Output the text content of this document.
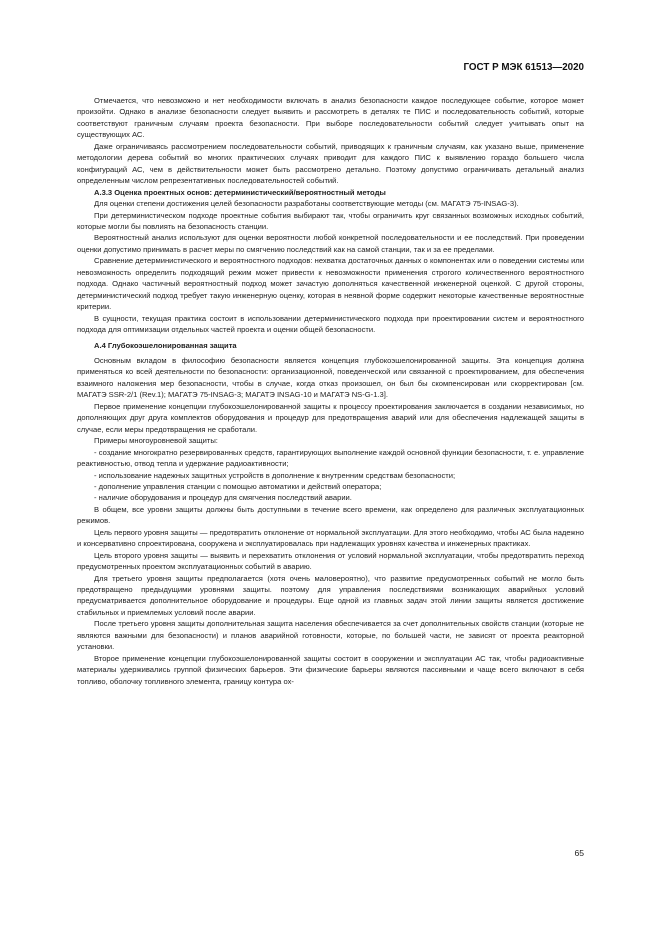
ГОСТ Р МЭК 61513—2020

Отмечается, что невозможно и нет необходимости включать в анализ безопасности каждое последующее событие, которое может произойти. Однако в анализе безопасности следует выявить и рассмотреть в деталях те ПИС и последовательность событий, которые соответствуют граничным случаям проекта безопасности. При выборе последовательности событий следует учитывать опыт на существующих АС.

Даже ограничиваясь рассмотрением последовательности событий, приводящих к граничным случаям, как указано выше, применение методологии дерева событий во многих практических случаях приводит для каждого ПИС к выявлению гораздо большего числа конфигураций АС, чем в действительности может быть рассмотрено детально. Поэтому допустимо ограничивать детальный анализ определенным числом репрезентативных последовательностей событий.

А.3.3 Оценка проектных основ: детерминистический/вероятностный методы

Для оценки степени достижения целей безопасности разработаны соответствующие методы (см. МАГАТЭ 75-INSAG-3).

При детерминистическом подходе проектные события выбирают так, чтобы ограничить круг связанных возможных исходных событий, которые могли бы повлиять на безопасность станции.

Вероятностный анализ используют для оценки вероятности любой конкретной последовательности и ее последствий. При проведении оценки допустимо принимать в расчет меры по смягчению последствий как на самой станции, так и за ее пределами.

Сравнение детерминистического и вероятностного подходов: нехватка достаточных данных о компонентах или о поведении системы или невозможность определить подходящий режим может привести к невозможности применения строгого количественного вероятностного подхода. Однако частичный вероятностный подход может зачастую дополняться качественной инженерной оценкой. С другой стороны, детерминистический подход требует такую инженерную оценку, которая в неявной форме содержит некоторые качественные вероятностные критерии.

В сущности, текущая практика состоит в использовании детерминистического подхода при проектировании систем и вероятностного подхода для оптимизации отдельных частей проекта и оценки общей безопасности.

А.4 Глубокоэшелонированная защита

Основным вкладом в философию безопасности является концепция глубокоэшелонированной защиты. Эта концепция должна применяться ко всей деятельности по безопасности: организационной, поведенческой или связанной с проектированием, для обеспечения взаимного наложения мер безопасности, чтобы в случае, когда отказ произошел, он был бы скомпенсирован или скорректирован [см. МАГАТЭ SSR-2/1 (Rev.1); МАГАТЭ 75-INSAG-3; МАГАТЭ INSAG-10 и МАГАТЭ NS-G-1.3].

Первое применение концепции глубокоэшелонированной защиты к процессу проектирования заключается в создании независимых, но дополняющих друг друга комплектов оборудования и процедур для предотвращения аварий или для обеспечения надлежащей защиты в случае, если меры предотвращения не сработали.

Примеры многоуровневой защиты:

- создание многократно резервированных средств, гарантирующих выполнение каждой основной функции безопасности, т. е. управление реактивностью, отвод тепла и удержание радиоактивности;

- использование надежных защитных устройств в дополнение к внутренним средствам безопасности;

- дополнение управления станции с помощью автоматики и действий оператора;

- наличие оборудования и процедур для смягчения последствий аварии.

В общем, все уровни защиты должны быть доступными в течение всего времени, как определено для различных эксплуатационных режимов.

Цель первого уровня защиты — предотвратить отклонение от нормальной эксплуатации. Для этого необходимо, чтобы АС была надежно и консервативно спроектирована, сооружена и эксплуатировалась при надлежащих уровнях качества и инженерных практиках.

Цель второго уровня защиты — выявить и перехватить отклонения от условий нормальной эксплуатации, чтобы предотвратить переход предусмотренных проектом эксплуатационных событий в аварию.

Для третьего уровня защиты предполагается (хотя очень маловероятно), что развитие предусмотренных событий не могло быть предотвращено предыдущими уровнями защиты. поэтому для управления последствиями возникающих аварийных условий предусматривается дополнительное оборудование и процедуры. Еще одной из главных задач этой линии защиты является достижение стабильных и приемлемых условий после аварии.

После третьего уровня защиты дополнительная защита населения обеспечивается за счет дополнительных свойств станции (которые не являются важными для безопасности) и планов аварийной готовности, которые, по большей части, не зависят от проекта реакторной установки.

Второе применение концепции глубокоэшелонированной защиты состоит в сооружении и эксплуатации АС так, чтобы радиоактивные материалы удерживались группой физических барьеров. Эти физические барьеры являются пассивными и чаще всего включают в себя топливо, оболочку топливного элемента, границу контура ох-

65
